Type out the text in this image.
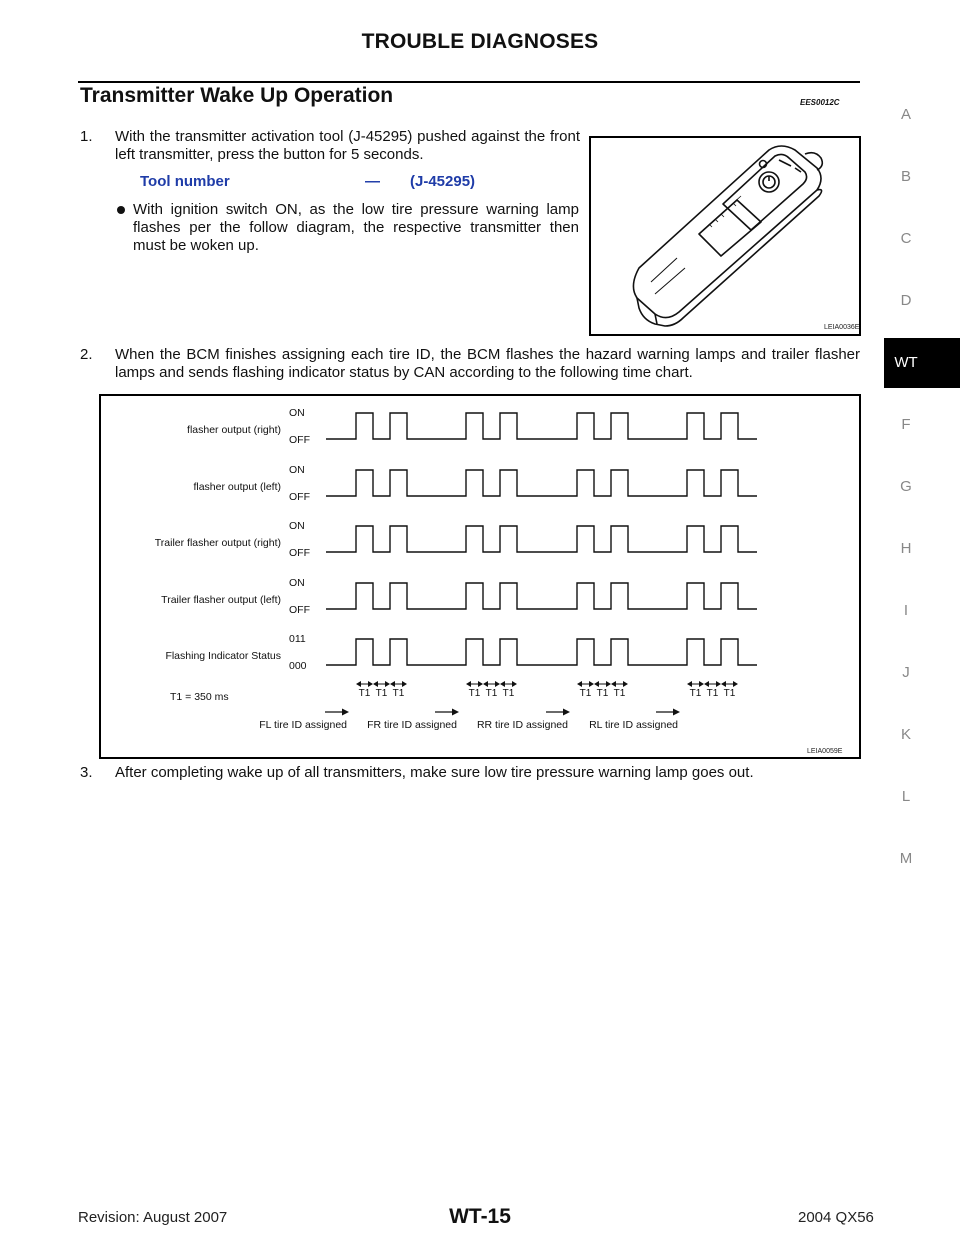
TROUBLE DIAGNOSES
Transmitter Wake Up Operation	EES0012C
1. With the transmitter activation tool (J-45295) pushed against the front left transmitter, press the button for 5 seconds.
Tool number	— (J-45295)
With ignition switch ON, as the low tire pressure warning lamp flashes per the follow diagram, the respective transmitter then must be woken up.
LEIA0036E
2. When the BCM finishes assigning each tire ID, the BCM flashes the hazard warning lamps and trailer flasher lamps and sends flashing indicator status by CAN according to the following time chart.
flasher output (right)
ON
OFF
flasher output (left)
ON
OFF
Trailer flasher output (right)
ON
OFF
Trailer flasher output (left)
ON
OFF
Flashing Indicator Status
011
000
T1 = 350 ms	T1 T1 T1	T1 T1 T1	T1 T1 T1	T1 T1 T1
FL tire ID assigned FR tire ID assigned RR tire ID assigned RL tire ID assigned
LEIA0059E
3. After completing wake up of all transmitters, make sure low tire pressure warning lamp goes out.
A
B
C
D
WT
F
G
H
I
J
K
L
M
Revision: August 2007	WT-15	2004 QX56
